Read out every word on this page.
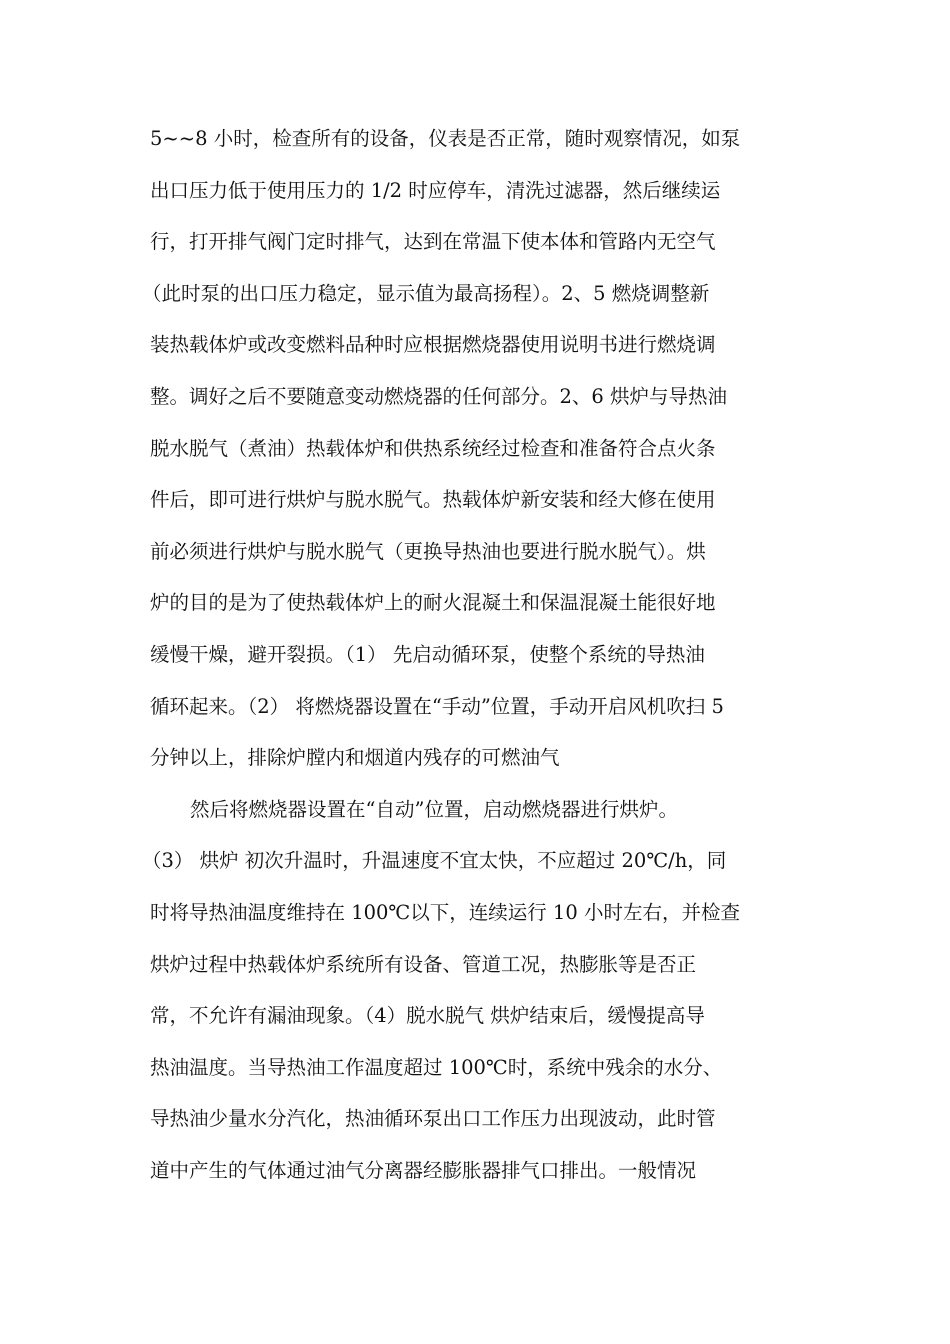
5~~8 小时，检查所有的设备，仪表是否正常，随时观察情况，如泵
出口压力低于使用压力的 1/2 时应停车，清洗过滤器，然后继续运
行，打开排气阀门定时排气，达到在常温下使本体和管路内无空气
（此时泵的出口压力稳定，显示值为最高扬程）。2、5 燃烧调整新
装热载体炉或改变燃料品种时应根据燃烧器使用说明书进行燃烧调
整。调好之后不要随意变动燃烧器的任何部分。2、6 烘炉与导热油
脱水脱气（煮油）热载体炉和供热系统经过检查和准备符合点火条
件后，即可进行烘炉与脱水脱气。热载体炉新安装和经大修在使用
前必须进行烘炉与脱水脱气（更换导热油也要进行脱水脱气）。烘
炉的目的是为了使热载体炉上的耐火混凝土和保温混凝土能很好地
缓慢干燥，避开裂损。（1） 先启动循环泵，使整个系统的导热油
循环起来。（2） 将燃烧器设置在“手动”位置，手动开启风机吹扫 5
分钟以上，排除炉膛内和烟道内残存的可燃油气
然后将燃烧器设置在“自动”位置，启动燃烧器进行烘炉。
（3） 烘炉 初次升温时，升温速度不宜太快，不应超过 20℃/h，同
时将导热油温度维持在 100℃以下，连续运行 10 小时左右，并检查
烘炉过程中热载体炉系统所有设备、管道工况，热膨胀等是否正
常，不允许有漏油现象。（4）脱水脱气 烘炉结束后，缓慢提高导
热油温度。当导热油工作温度超过 100℃时，系统中残余的水分、
导热油少量水分汽化，热油循环泵出口工作压力出现波动，此时管
道中产生的气体通过油气分离器经膨胀器排气口排出。一般情况
